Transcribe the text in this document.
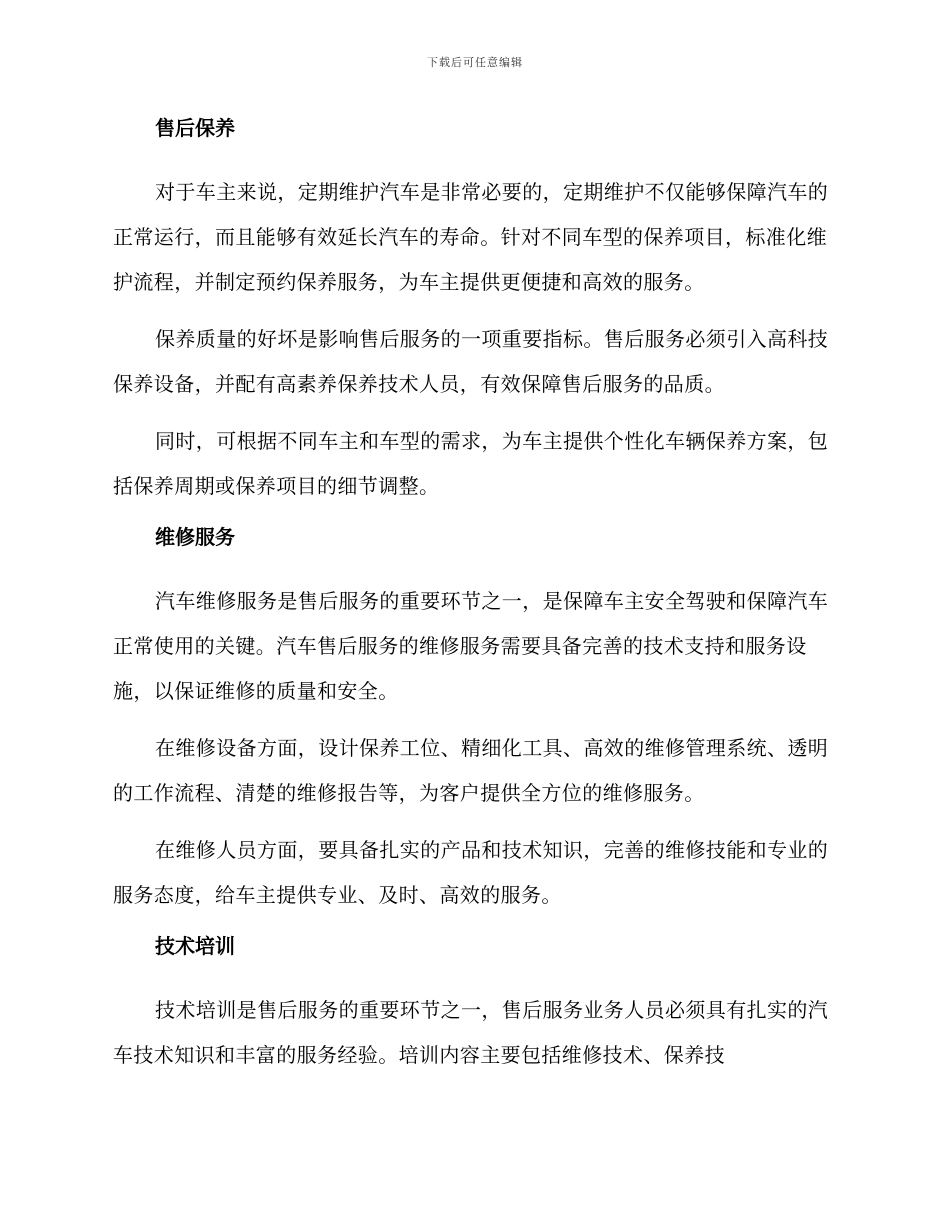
下载后可任意编辑
售后保养

对于车主来说，定期维护汽车是非常必要的，定期维护不仅能够保障汽车的正常运行，而且能够有效延长汽车的寿命。针对不同车型的保养项目，标准化维护流程，并制定预约保养服务，为车主提供更便捷和高效的服务。

保养质量的好坏是影响售后服务的一项重要指标。售后服务必须引入高科技保养设备，并配有高素养保养技术人员，有效保障售后服务的品质。

同时，可根据不同车主和车型的需求，为车主提供个性化车辆保养方案，包括保养周期或保养项目的细节调整。

维修服务

汽车维修服务是售后服务的重要环节之一，是保障车主安全驾驶和保障汽车正常使用的关键。汽车售后服务的维修服务需要具备完善的技术支持和服务设施，以保证维修的质量和安全。

在维修设备方面，设计保养工位、精细化工具、高效的维修管理系统、透明的工作流程、清楚的维修报告等，为客户提供全方位的维修服务。

在维修人员方面，要具备扎实的产品和技术知识，完善的维修技能和专业的服务态度，给车主提供专业、及时、高效的服务。

技术培训

技术培训是售后服务的重要环节之一，售后服务业务人员必须具有扎实的汽车技术知识和丰富的服务经验。培训内容主要包括维修技术、保养技
